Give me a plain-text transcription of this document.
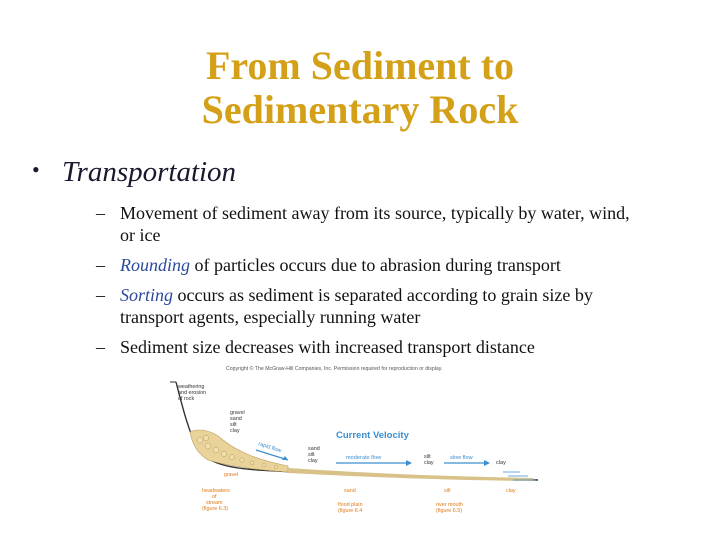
From Sediment to
Sedimentary Rock
• Transportation
– Movement of sediment away from its source, typically by water, wind, or ice
– Rounding of particles occurs due to abrasion during transport
– Sorting occurs as sediment is separated according to grain size by transport agents, especially running water
– Sediment size decreases with increased transport distance
Copyright © The McGraw-Hill Companies, Inc. Permission required for reproduction or display.
weathering
and erosion
of rock
gravel
sand
silt
clay
rapid flow	sand
silt
clay
Current Velocity
moderate flow	silt
clay
slow flow
clay
gravel
headwaters
of
stream
(figure 6.3)
sand
flood plain
(figure 6.4
silt
river mouth
(figure 6.5)
clay
